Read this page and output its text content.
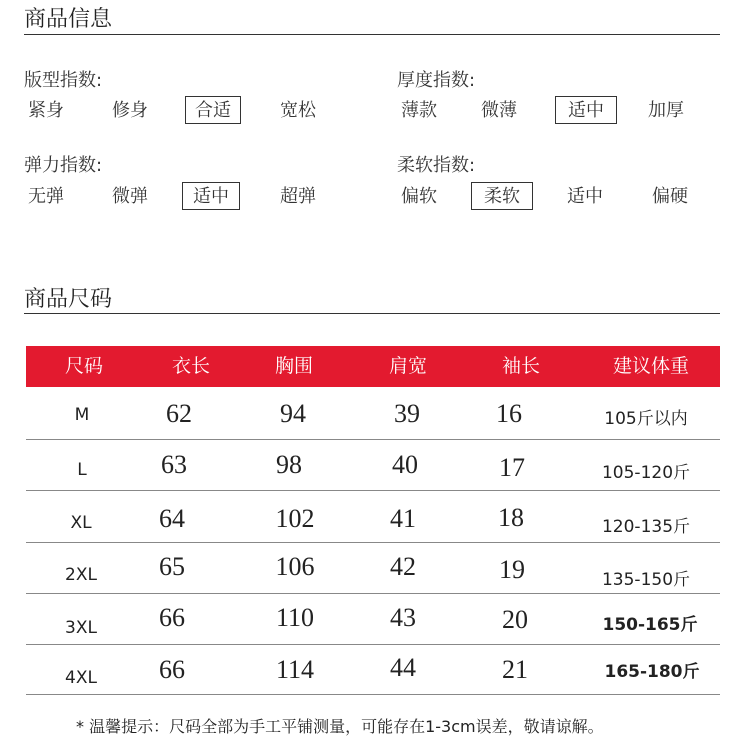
商品信息
版型指数:
紧身	修身	合适	宽松
厚度指数:
薄款 微薄	适中	加厚
弹力指数:
无弹	微弹	适中	超弹
柔软指数:
偏软	柔软	适中	偏硬
商品尺码
尺码	衣长	胸围	肩宽	袖长	建议体重
M	62	94	39	16	105斤以内
L	63	98	40	17	105-120斤
XL	64	102	41	18	120-135斤
2XL	65	106	42	19	135-150斤
3XL	66	110	43	20	150-165斤
4XL	66	114	44	21	165-180斤
* 温馨提示：尺码全部为手工平铺测量，可能存在1-3cm误差，敬请谅解。
